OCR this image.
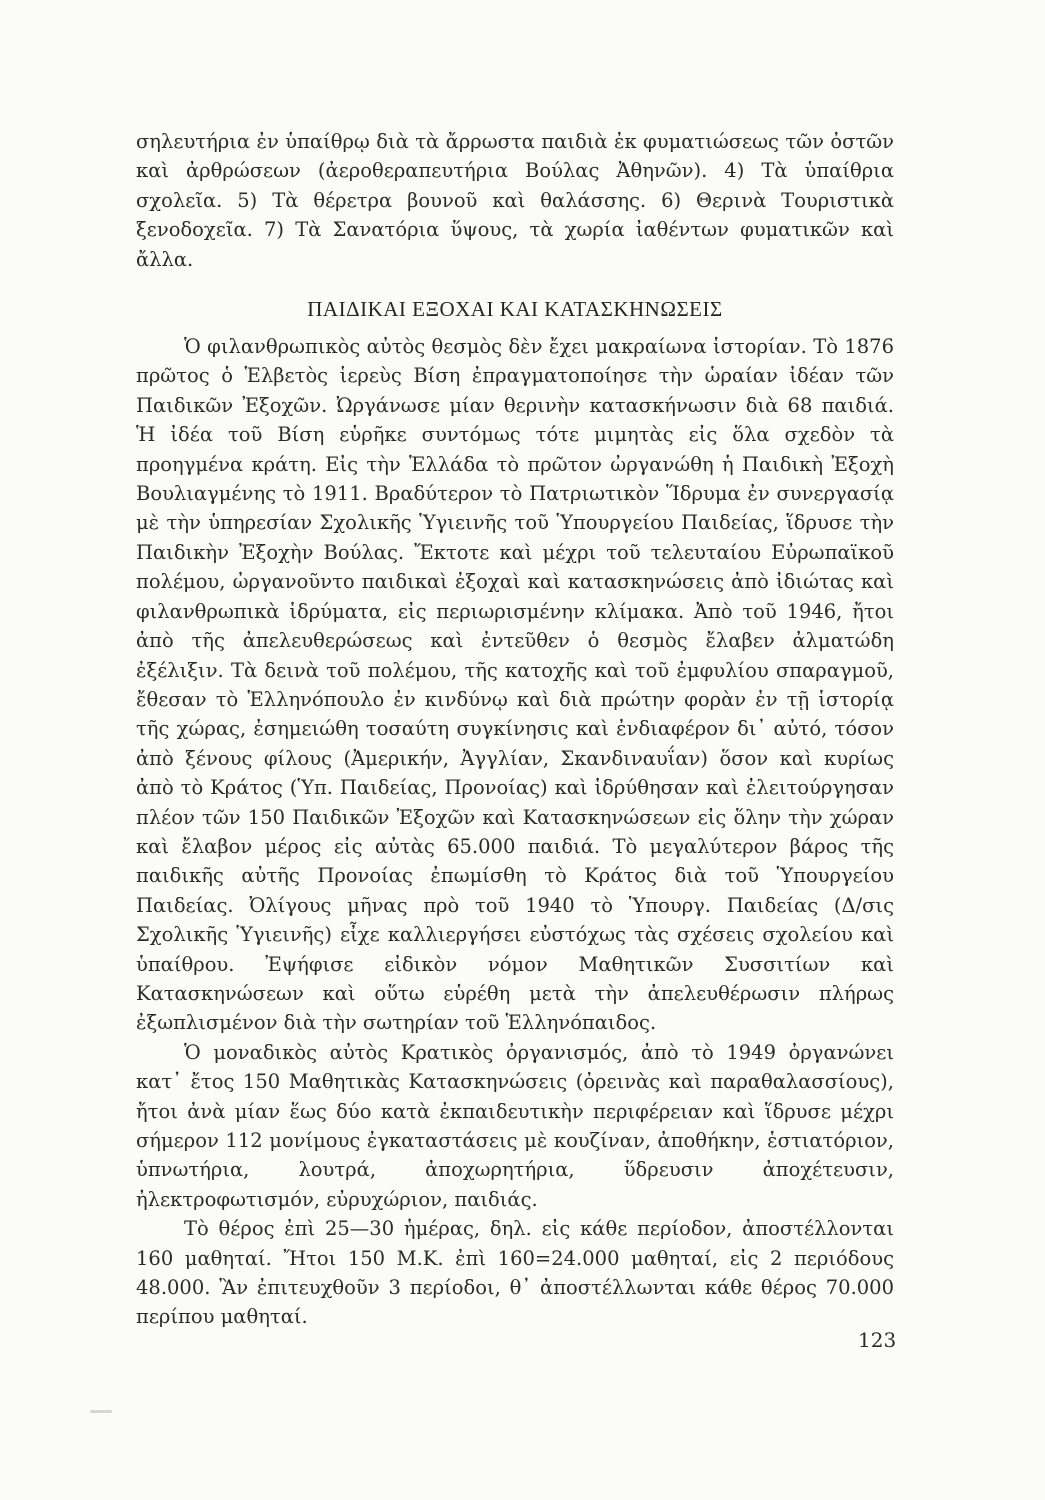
σηλευτήρια ἐν ὑπαίθρῳ διὰ τὰ ἄρρωστα παιδιὰ ἐκ φυματιώσεως τῶν ὀστῶν καὶ ἀρθρώσεων (ἀεροθεραπευτήρια Βούλας Ἀθηνῶν). 4) Τὰ ὑπαίθρια σχολεῖα. 5) Τὰ θέρετρα βουνοῦ καὶ θαλάσσης. 6) Θερινὰ Τουριστικὰ ξενοδοχεῖα. 7) Τὰ Σανατόρια ὕψους, τὰ χωρία ἰαθέντων φυματικῶν καὶ ἄλλα.

ΠΑΙΔΙΚΑΙ ΕΞΟΧΑΙ ΚΑΙ ΚΑΤΑΣΚΗΝΩΣΕΙΣ

Ὁ φιλανθρωπικὸς αὐτὸς θεσμὸς δὲν ἔχει μακραίωνα ἱστορίαν. Τὸ 1876 πρῶτος ὁ Ἑλβετὸς ἱερεὺς Βίση ἐπραγματοποίησε τὴν ὡραίαν ἰδέαν τῶν Παιδικῶν Ἐξοχῶν. Ὠργάνωσε μίαν θερινὴν κατασκήνωσιν διὰ 68 παιδιά. Ἡ ἰδέα τοῦ Βίση εὑρῆκε συντόμως τότε μιμητὰς εἰς ὅλα σχεδὸν τὰ προηγμένα κράτη. Εἰς τὴν Ἑλλάδα τὸ πρῶτον ὠργανώθη ἡ Παιδικὴ Ἐξοχὴ Βουλιαγμένης τὸ 1911. Βραδύτερον τὸ Πατριωτικὸν Ἵδρυμα ἐν συνεργασίᾳ μὲ τὴν ὑπηρεσίαν Σχολικῆς Ὑγιεινῆς τοῦ Ὑπουργείου Παιδείας, ἵδρυσε τὴν Παιδικὴν Ἐξοχὴν Βούλας. Ἔκτοτε καὶ μέχρι τοῦ τελευταίου Εὐρωπαϊκοῦ πολέμου, ὠργανοῦντο παιδικαὶ ἐξοχαὶ καὶ κατασκηνώσεις ἀπὸ ἰδιώτας καὶ φιλανθρωπικὰ ἱδρύματα, εἰς περιωρισμένην κλίμακα. Ἀπὸ τοῦ 1946, ἤτοι ἀπὸ τῆς ἀπελευθερώσεως καὶ ἐντεῦθεν ὁ θεσμὸς ἔλαβεν ἀλματώδη ἐξέλιξιν. Τὰ δεινὰ τοῦ πολέμου, τῆς κατοχῆς καὶ τοῦ ἐμφυλίου σπαραγμοῦ, ἔθεσαν τὸ Ἑλληνόπουλο ἐν κινδύνῳ καὶ διὰ πρώτην φορὰν ἐν τῇ ἱστορίᾳ τῆς χώρας, ἐσημειώθη τοσαύτη συγκίνησις καὶ ἐνδιαφέρον δι᾿ αὐτό, τόσον ἀπὸ ξένους φίλους (Ἀμερικήν, Ἀγγλίαν, Σκανδιναυΐαν) ὅσον καὶ κυρίως ἀπὸ τὸ Κράτος (Ὑπ. Παιδείας, Προνοίας) καὶ ἱδρύθησαν καὶ ἐλειτούργησαν πλέον τῶν 150 Παιδικῶν Ἐξοχῶν καὶ Κατασκηνώσεων εἰς ὅλην τὴν χώραν καὶ ἔλαβον μέρος εἰς αὐτὰς 65.000 παιδιά. Τὸ μεγαλύτερον βάρος τῆς παιδικῆς αὐτῆς Προνοίας ἐπωμίσθη τὸ Κράτος διὰ τοῦ Ὑπουργείου Παιδείας. Ὀλίγους μῆνας πρὸ τοῦ 1940 τὸ Ὑπουργ. Παιδείας (Δ/σις Σχολικῆς Ὑγιεινῆς) εἶχε καλλιεργήσει εὐστόχως τὰς σχέσεις σχολείου καὶ ὑπαίθρου. Ἐψήφισε εἰδικὸν νόμον Μαθητικῶν Συσσιτίων καὶ Κατασκηνώσεων καὶ οὕτω εὑρέθη μετὰ τὴν ἀπελευθέρωσιν πλήρως ἐξωπλισμένον διὰ τὴν σωτηρίαν τοῦ Ἑλληνόπαιδος.

Ὁ μοναδικὸς αὐτὸς Κρατικὸς ὀργανισμός, ἀπὸ τὸ 1949 ὀργανώνει κατ᾿ ἔτος 150 Μαθητικὰς Κατασκηνώσεις (ὀρεινὰς καὶ παραθαλασσίους), ἤτοι ἀνὰ μίαν ἕως δύο κατὰ ἐκπαιδευτικὴν περιφέρειαν καὶ ἵδρυσε μέχρι σήμερον 112 μονίμους ἐγκαταστάσεις μὲ κουζίναν, ἀποθήκην, ἑστιατόριον, ὑπνωτήρια, λουτρά, ἀποχωρητήρια, ὕδρευσιν ἀποχέτευσιν, ἠλεκτροφωτισμόν, εὐρυχώριον, παιδιάς.

Τὸ θέρος ἐπὶ 25—30 ἡμέρας, δηλ. εἰς κάθε περίοδον, ἀποστέλλονται 160 μαθηταί. Ἤτοι 150 Μ.Κ. ἐπὶ 160=24.000 μαθηταί, εἰς 2 περιόδους 48.000. Ἂν ἐπιτευχθοῦν 3 περίοδοι, θ᾿ ἀποστέλλωνται κάθε θέρος 70.000 περίπου μαθηταί.

123
